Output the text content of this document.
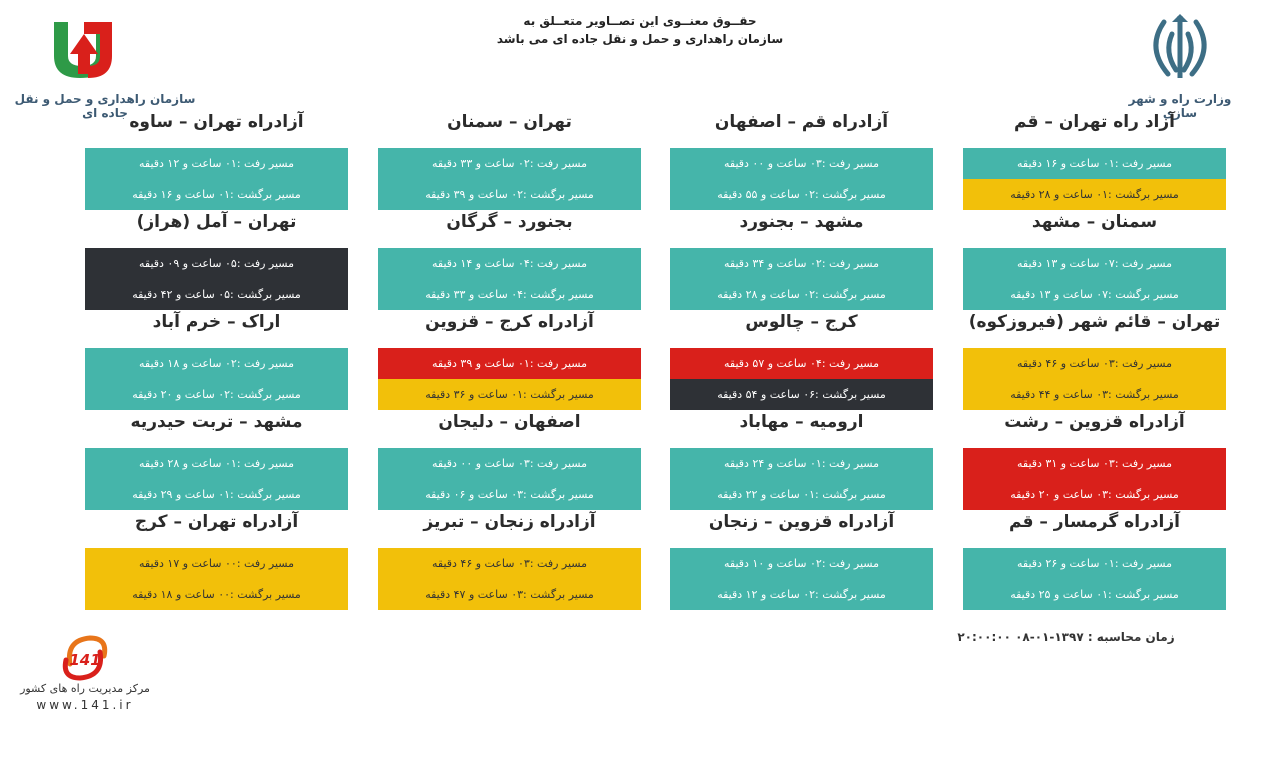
حقــوق معنــوی این تصــاویر متعــلق به
سازمان راهداری و حمل و نقل جاده ای می باشد
سازمان راهداری و حمل و نقل جاده ای
وزارت راه و شهر سازی
آزاد راه تهران – قم
مسیر رفت :۰۱ ساعت و ۱۶ دقیقه
مسیر برگشت :۰۱ ساعت و ۲۸ دقیقه
آزادراه قم – اصفهان
مسیر رفت :۰۳ ساعت و ۰۰ دقیقه
مسیر برگشت :۰۲ ساعت و ۵۵ دقیقه
تهران – سمنان
مسیر رفت :۰۲ ساعت و ۳۳ دقیقه
مسیر برگشت :۰۲ ساعت و ۳۹ دقیقه
آزادراه تهران – ساوه
مسیر رفت :۰۱ ساعت و ۱۲ دقیقه
مسیر برگشت :۰۱ ساعت و ۱۶ دقیقه
سمنان – مشهد
مسیر رفت :۰۷ ساعت و ۱۳ دقیقه
مسیر برگشت :۰۷ ساعت و ۱۳ دقیقه
مشهد – بجنورد
مسیر رفت :۰۲ ساعت و ۳۴ دقیقه
مسیر برگشت :۰۲ ساعت و ۲۸ دقیقه
بجنورد – گرگان
مسیر رفت :۰۴ ساعت و ۱۴ دقیقه
مسیر برگشت :۰۴ ساعت و ۳۳ دقیقه
تهران – آمل (هراز)
مسیر رفت :۰۵ ساعت و ۰۹ دقیقه
مسیر برگشت :۰۵ ساعت و ۴۲ دقیقه
تهران – قائم شهر (فیروزکوه)
مسیر رفت :۰۳ ساعت و ۴۶ دقیقه
مسیر برگشت :۰۳ ساعت و ۴۴ دقیقه
کرج – چالوس
مسیر رفت :۰۴ ساعت و ۵۷ دقیقه
مسیر برگشت :۰۶ ساعت و ۵۴ دقیقه
آزادراه کرج – قزوین
مسیر رفت :۰۱ ساعت و ۳۹ دقیقه
مسیر برگشت :۰۱ ساعت و ۳۶ دقیقه
اراک – خرم آباد
مسیر رفت :۰۲ ساعت و ۱۸ دقیقه
مسیر برگشت :۰۲ ساعت و ۲۰ دقیقه
آزادراه قزوین – رشت
مسیر رفت :۰۳ ساعت و ۳۱ دقیقه
مسیر برگشت :۰۳ ساعت و ۲۰ دقیقه
ارومیه – مهاباد
مسیر رفت :۰۱ ساعت و ۲۴ دقیقه
مسیر برگشت :۰۱ ساعت و ۲۲ دقیقه
اصفهان – دلیجان
مسیر رفت :۰۳ ساعت و ۰۰ دقیقه
مسیر برگشت :۰۳ ساعت و ۰۶ دقیقه
مشهد – تربت حیدریه
مسیر رفت :۰۱ ساعت و ۲۸ دقیقه
مسیر برگشت :۰۱ ساعت و ۲۹ دقیقه
آزادراه گرمسار – قم
مسیر رفت :۰۱ ساعت و ۲۶ دقیقه
مسیر برگشت :۰۱ ساعت و ۲۵ دقیقه
آزادراه قزوین – زنجان
مسیر رفت :۰۲ ساعت و ۱۰ دقیقه
مسیر برگشت :۰۲ ساعت و ۱۲ دقیقه
آزادراه زنجان – تبریز
مسیر رفت :۰۳ ساعت و ۴۶ دقیقه
مسیر برگشت :۰۳ ساعت و ۴۷ دقیقه
آزادراه تهران – کرج
مسیر رفت :۰۰ ساعت و ۱۷ دقیقه
مسیر برگشت :۰۰ ساعت و ۱۸ دقیقه
زمان محاسبه : ۱۳۹۷-۰۱-۰۸ ۲۰:۰۰:۰۰
141
مرکز مدیریت راه های کشور
www.141.ir
